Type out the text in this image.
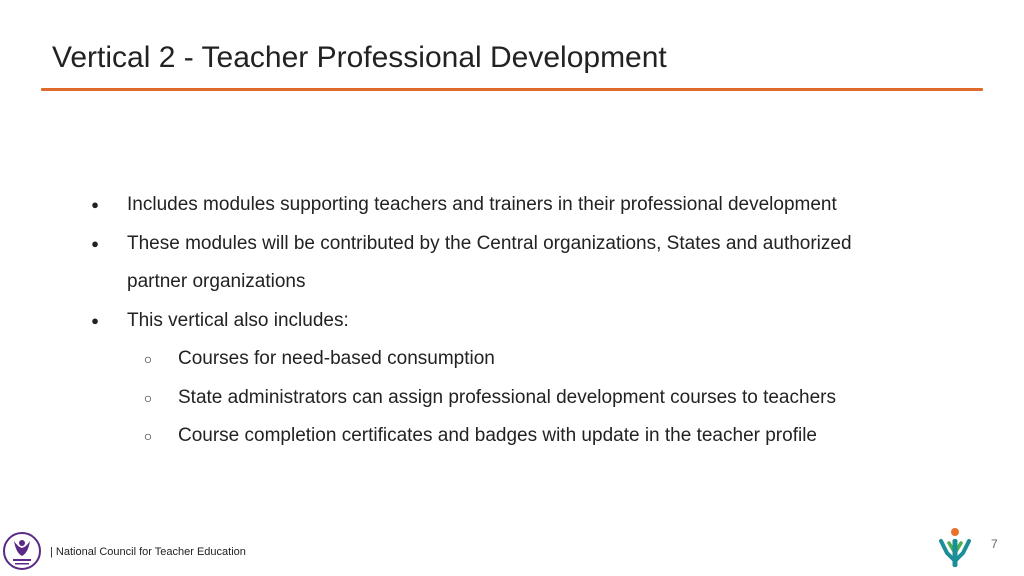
Vertical 2 - Teacher Professional Development
● Includes modules supporting teachers and trainers in their professional development
● These modules will be contributed by the Central organizations, States and authorized
partner organizations
● This vertical also includes:
○ Courses for need-based consumption
○ State administrators can assign professional development courses to teachers
○ Course completion certificates and badges with update in the teacher profile
| National Council for Teacher Education
7
